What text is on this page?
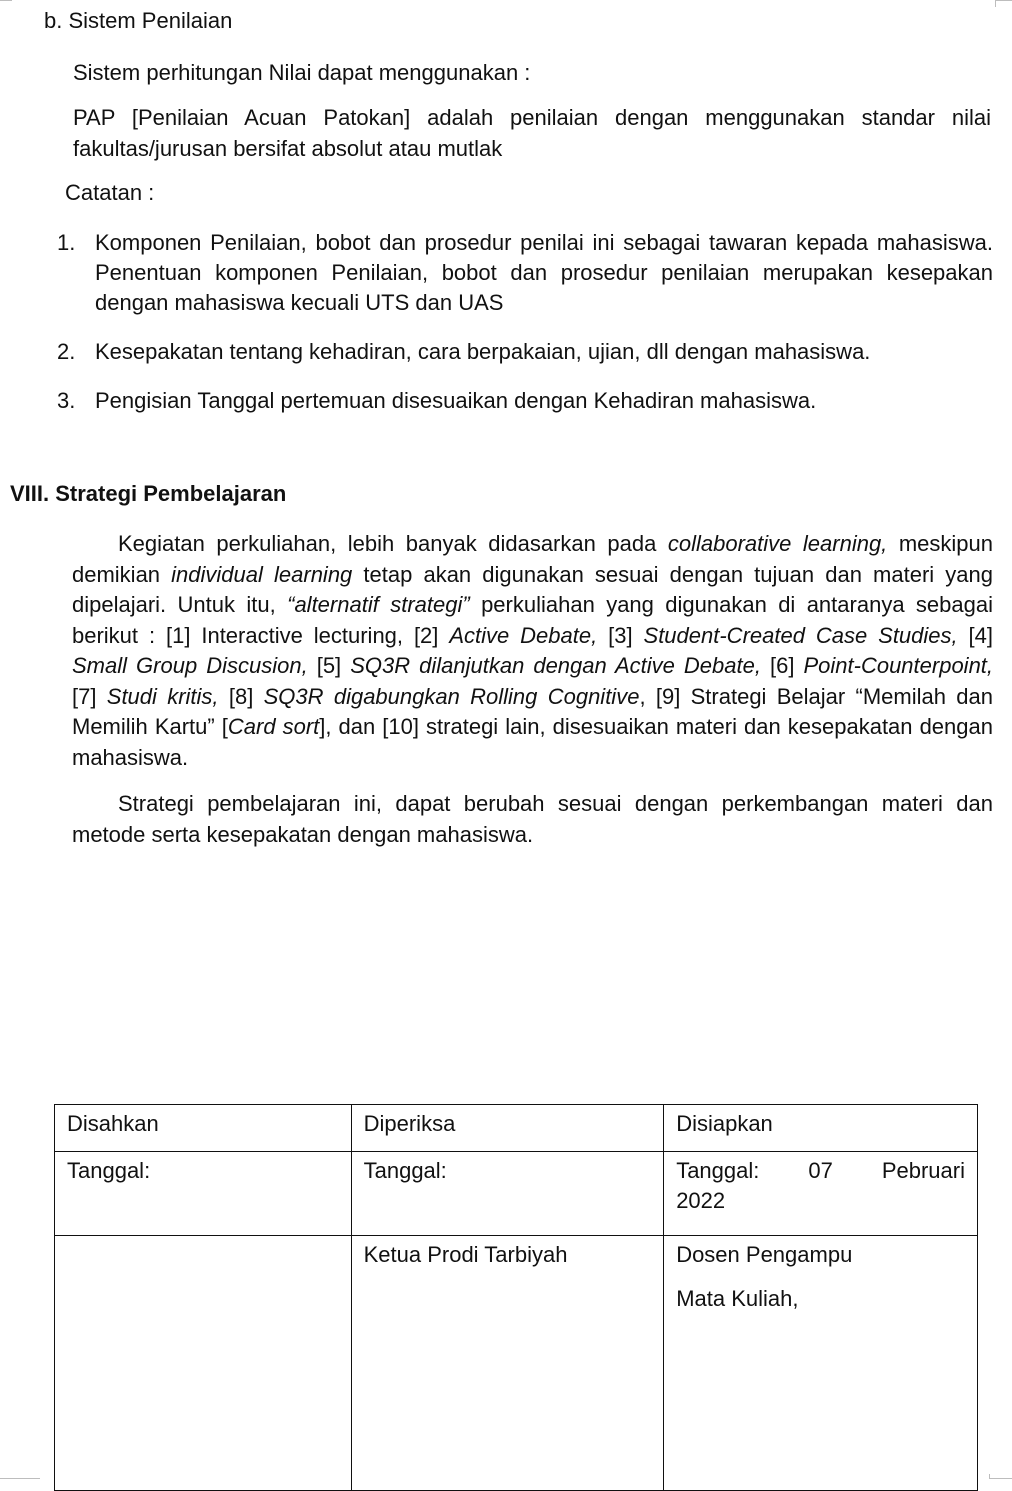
b. Sistem Penilaian
Sistem perhitungan Nilai dapat menggunakan :
PAP [Penilaian Acuan Patokan] adalah penilaian dengan menggunakan standar nilai fakultas/jurusan bersifat absolut atau mutlak
Catatan :
1. Komponen Penilaian, bobot dan prosedur penilai ini sebagai tawaran kepada mahasiswa. Penentuan komponen Penilaian, bobot dan prosedur penilaian merupakan kesepakan dengan mahasiswa kecuali UTS dan UAS
2. Kesepakatan tentang kehadiran, cara berpakaian, ujian, dll dengan mahasiswa.
3. Pengisian Tanggal pertemuan disesuaikan dengan Kehadiran mahasiswa.
VIII. Strategi Pembelajaran

Kegiatan perkuliahan, lebih banyak didasarkan pada collaborative learning, meskipun demikian individual learning tetap akan digunakan sesuai dengan tujuan dan materi yang dipelajari. Untuk itu, “alternatif strategi” perkuliahan yang digunakan di antaranya sebagai berikut : [1] Interactive lecturing, [2] Active Debate, [3] Student-Created Case Studies, [4] Small Group Discusion, [5] SQ3R dilanjutkan dengan Active Debate, [6] Point-Counterpoint, [7] Studi kritis, [8] SQ3R digabungkan Rolling Cognitive, [9] Strategi Belajar “Memilah dan Memilih Kartu” [Card sort], dan [10] strategi lain, disesuaikan materi dan kesepakatan dengan mahasiswa.

Strategi pembelajaran ini, dapat berubah sesuai dengan perkembangan materi dan metode serta kesepakatan dengan mahasiswa.

Disahkan	Diperiksa	Disiapkan
Tanggal:	Tanggal:	Tanggal: 07 Pebruari
2022

	Ketua Prodi Tarbiyah	Dosen Pengampu
Mata Kuliah,
